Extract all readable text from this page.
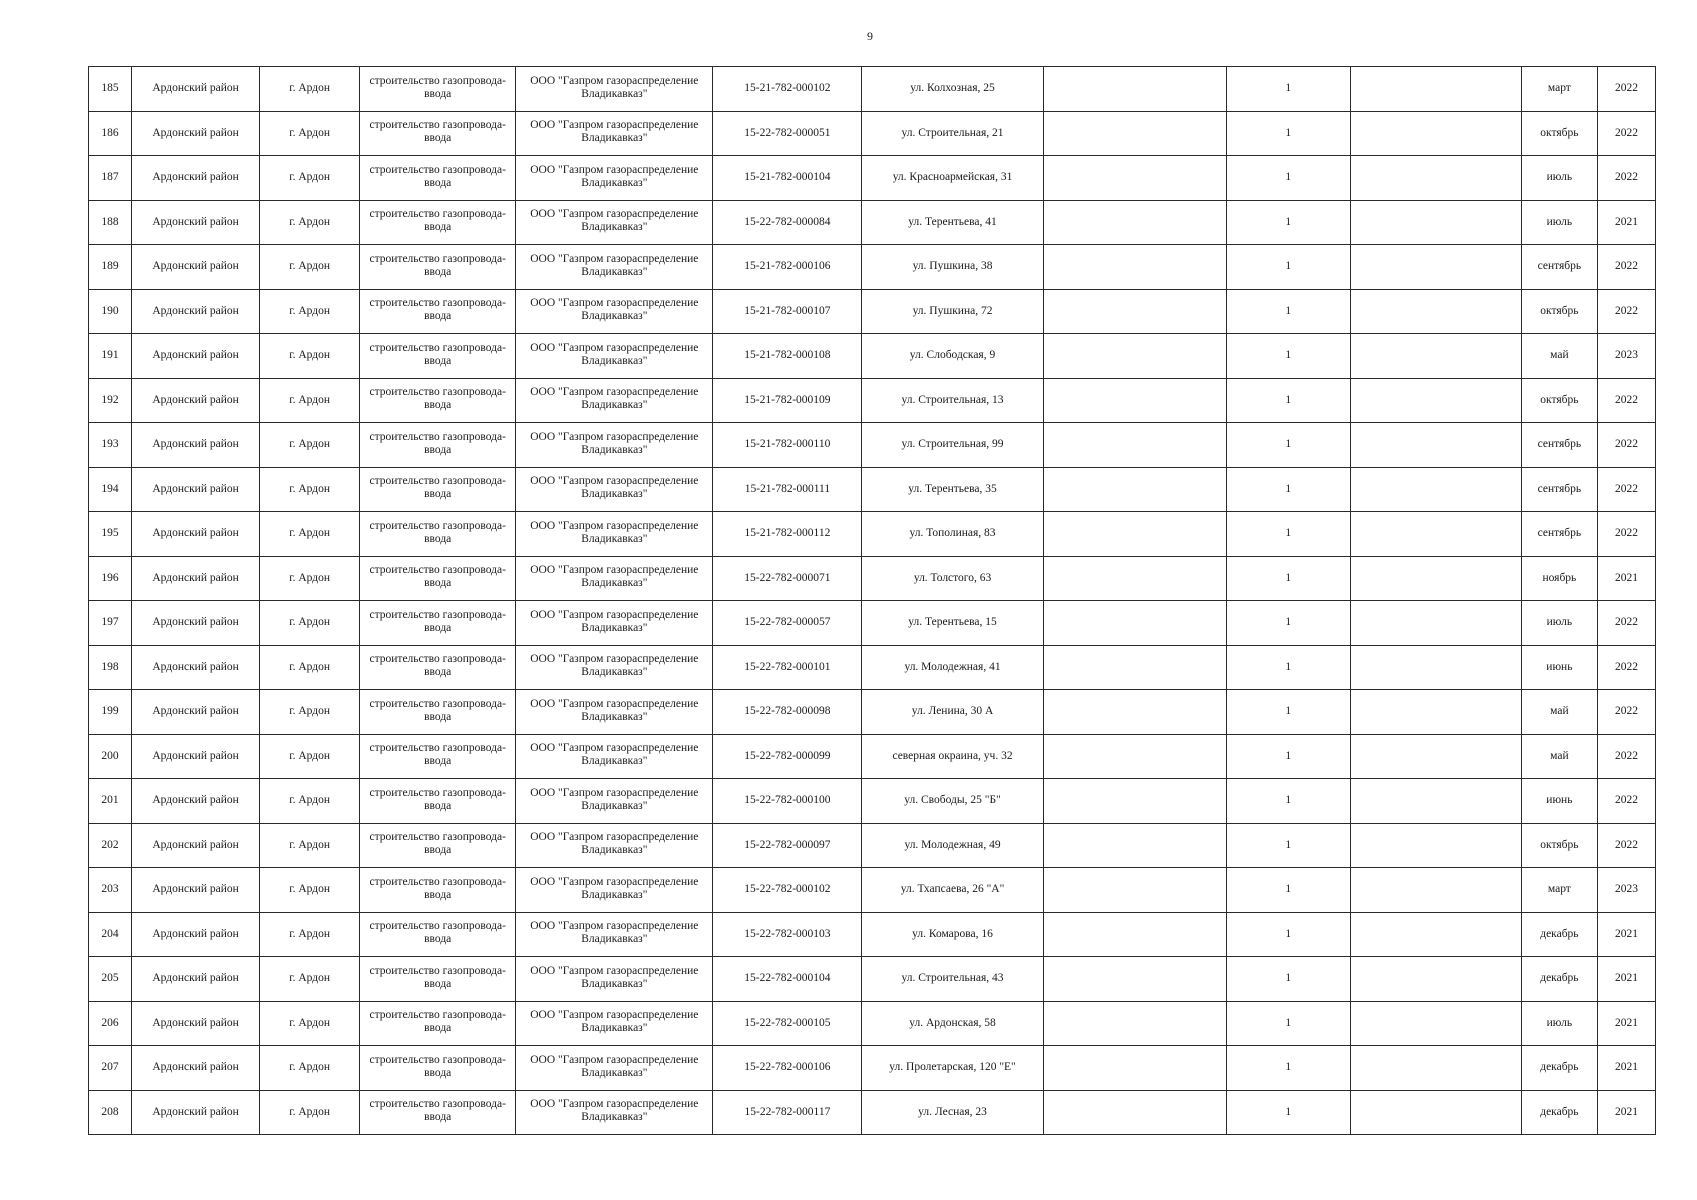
9
185	Ардонский район	г. Ардон	строительство газопровода-ввода	ООО "Газпром газораспределение Владикавказ"	15-21-782-000102	ул. Колхозная, 25		1		март	2022
186	Ардонский район	г. Ардон	строительство газопровода-ввода	ООО "Газпром газораспределение Владикавказ"	15-22-782-000051	ул. Строительная, 21		1		октябрь	2022
187	Ардонский район	г. Ардон	строительство газопровода-ввода	ООО "Газпром газораспределение Владикавказ"	15-21-782-000104	ул. Красноармейская, 31		1		июль	2022
188	Ардонский район	г. Ардон	строительство газопровода-ввода	ООО "Газпром газораспределение Владикавказ"	15-22-782-000084	ул. Терентьева, 41		1		июль	2021
189	Ардонский район	г. Ардон	строительство газопровода-ввода	ООО "Газпром газораспределение Владикавказ"	15-21-782-000106	ул. Пушкина, 38		1		сентябрь	2022
190	Ардонский район	г. Ардон	строительство газопровода-ввода	ООО "Газпром газораспределение Владикавказ"	15-21-782-000107	ул. Пушкина, 72		1		октябрь	2022
191	Ардонский район	г. Ардон	строительство газопровода-ввода	ООО "Газпром газораспределение Владикавказ"	15-21-782-000108	ул. Слободская, 9		1		май	2023
192	Ардонский район	г. Ардон	строительство газопровода-ввода	ООО "Газпром газораспределение Владикавказ"	15-21-782-000109	ул. Строительная, 13		1		октябрь	2022
193	Ардонский район	г. Ардон	строительство газопровода-ввода	ООО "Газпром газораспределение Владикавказ"	15-21-782-000110	ул. Строительная, 99		1		сентябрь	2022
194	Ардонский район	г. Ардон	строительство газопровода-ввода	ООО "Газпром газораспределение Владикавказ"	15-21-782-000111	ул. Терентьева, 35		1		сентябрь	2022
195	Ардонский район	г. Ардон	строительство газопровода-ввода	ООО "Газпром газораспределение Владикавказ"	15-21-782-000112	ул. Тополиная, 83		1		сентябрь	2022
196	Ардонский район	г. Ардон	строительство газопровода-ввода	ООО "Газпром газораспределение Владикавказ"	15-22-782-000071	ул. Толстого, 63		1		ноябрь	2021
197	Ардонский район	г. Ардон	строительство газопровода-ввода	ООО "Газпром газораспределение Владикавказ"	15-22-782-000057	ул. Терентьева, 15		1		июль	2022
198	Ардонский район	г. Ардон	строительство газопровода-ввода	ООО "Газпром газораспределение Владикавказ"	15-22-782-000101	ул. Молодежная, 41		1		июнь	2022
199	Ардонский район	г. Ардон	строительство газопровода-ввода	ООО "Газпром газораспределение Владикавказ"	15-22-782-000098	ул. Ленина, 30 А		1		май	2022
200	Ардонский район	г. Ардон	строительство газопровода-ввода	ООО "Газпром газораспределение Владикавказ"	15-22-782-000099	северная окраина, уч. 32		1		май	2022
201	Ардонский район	г. Ардон	строительство газопровода-ввода	ООО "Газпром газораспределение Владикавказ"	15-22-782-000100	ул. Свободы, 25 "Б"		1		июнь	2022
202	Ардонский район	г. Ардон	строительство газопровода-ввода	ООО "Газпром газораспределение Владикавказ"	15-22-782-000097	ул. Молодежная, 49		1		октябрь	2022
203	Ардонский район	г. Ардон	строительство газопровода-ввода	ООО "Газпром газораспределение Владикавказ"	15-22-782-000102	ул. Тхапсаева, 26 "А"		1		март	2023
204	Ардонский район	г. Ардон	строительство газопровода-ввода	ООО "Газпром газораспределение Владикавказ"	15-22-782-000103	ул. Комарова, 16		1		декабрь	2021
205	Ардонский район	г. Ардон	строительство газопровода-ввода	ООО "Газпром газораспределение Владикавказ"	15-22-782-000104	ул. Строительная, 43		1		декабрь	2021
206	Ардонский район	г. Ардон	строительство газопровода-ввода	ООО "Газпром газораспределение Владикавказ"	15-22-782-000105	ул. Ардонская, 58		1		июль	2021
207	Ардонский район	г. Ардон	строительство газопровода-ввода	ООО "Газпром газораспределение Владикавказ"	15-22-782-000106	ул. Пролетарская, 120 "Е"		1		декабрь	2021
208	Ардонский район	г. Ардон	строительство газопровода-ввода	ООО "Газпром газораспределение Владикавказ"	15-22-782-000117	ул. Лесная, 23		1		декабрь	2021
